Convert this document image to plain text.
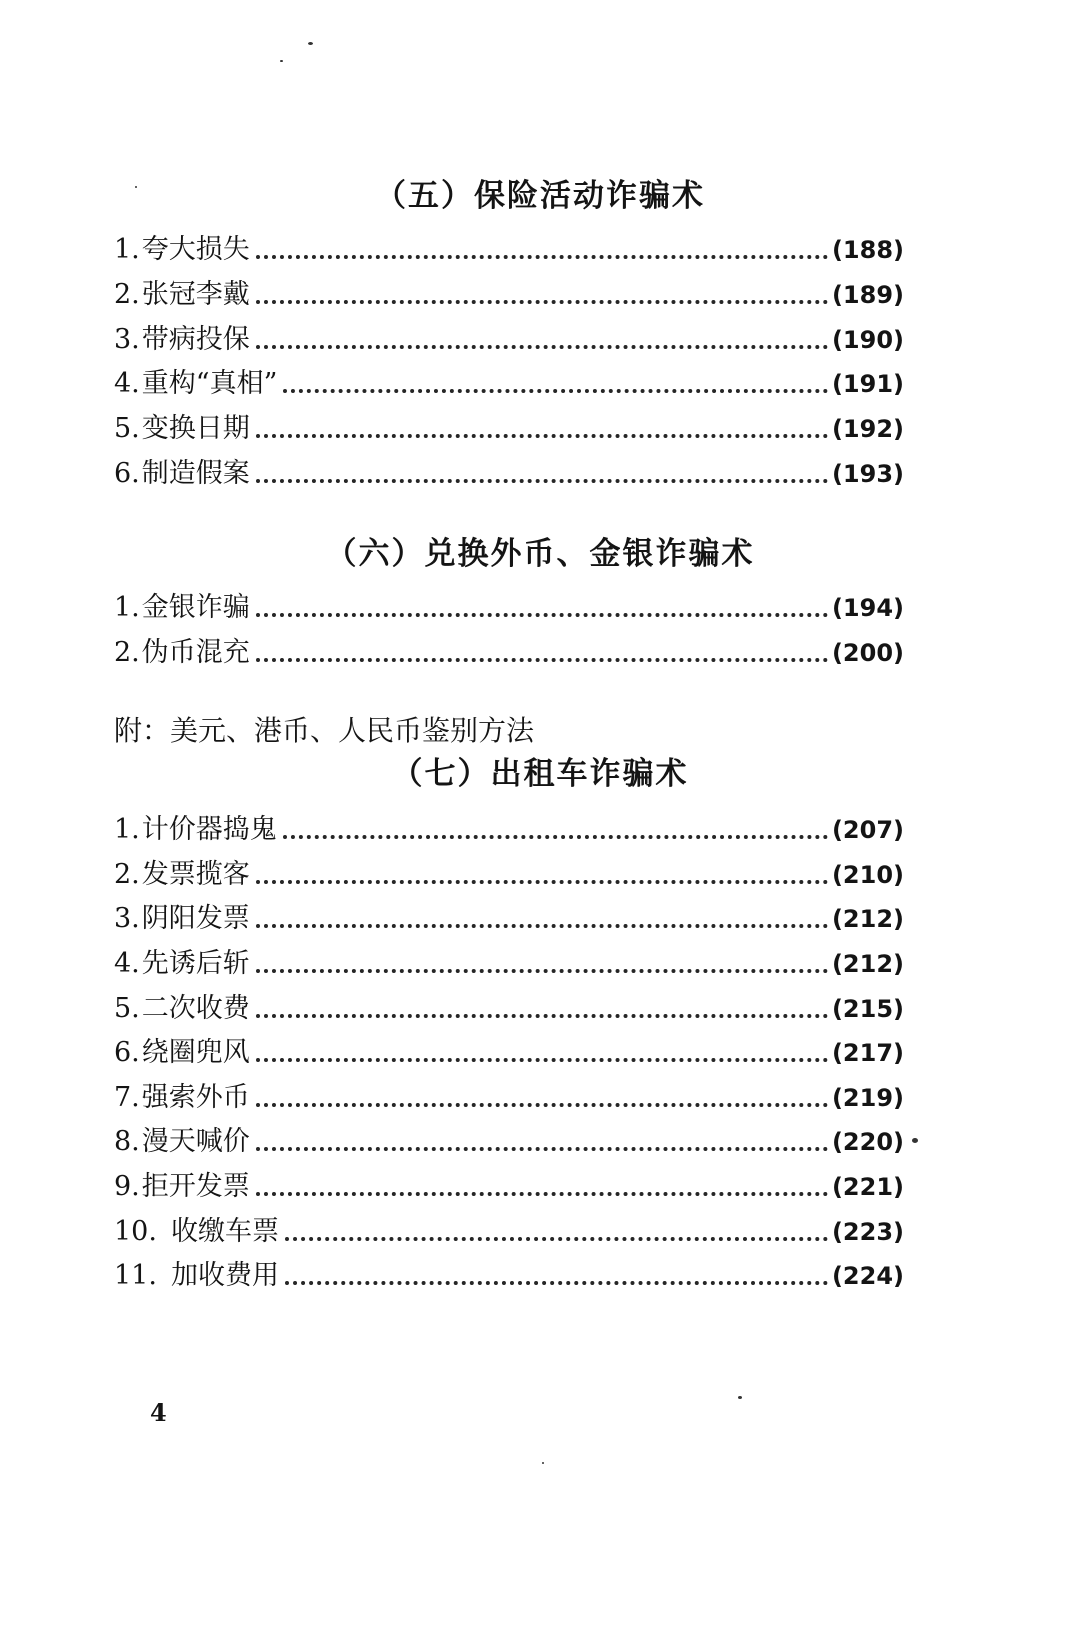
（五）保险活动诈骗术
1. 夸大损失	(188)
2. 张冠李戴	(189)
3. 带病投保	(190)
4. 重构“真相”	(191)
5. 变换日期	(192)
6. 制造假案	(193)
（六）兑换外币、金银诈骗术
1. 金银诈骗	(194)
2. 伪币混充	(200)
附：美元、港币、人民币鉴别方法
（七）出租车诈骗术
1. 计价器捣鬼	(207)
2. 发票揽客	(210)
3. 阴阳发票	(212)
4. 先诱后斩	(212)
5. 二次收费	(215)
6. 绕圈兜风	(217)
7. 强索外币	(219)
8. 漫天喊价	(220)
9. 拒开发票	(221)
10. 收缴车票	(223)
11. 加收费用	(224)
4
